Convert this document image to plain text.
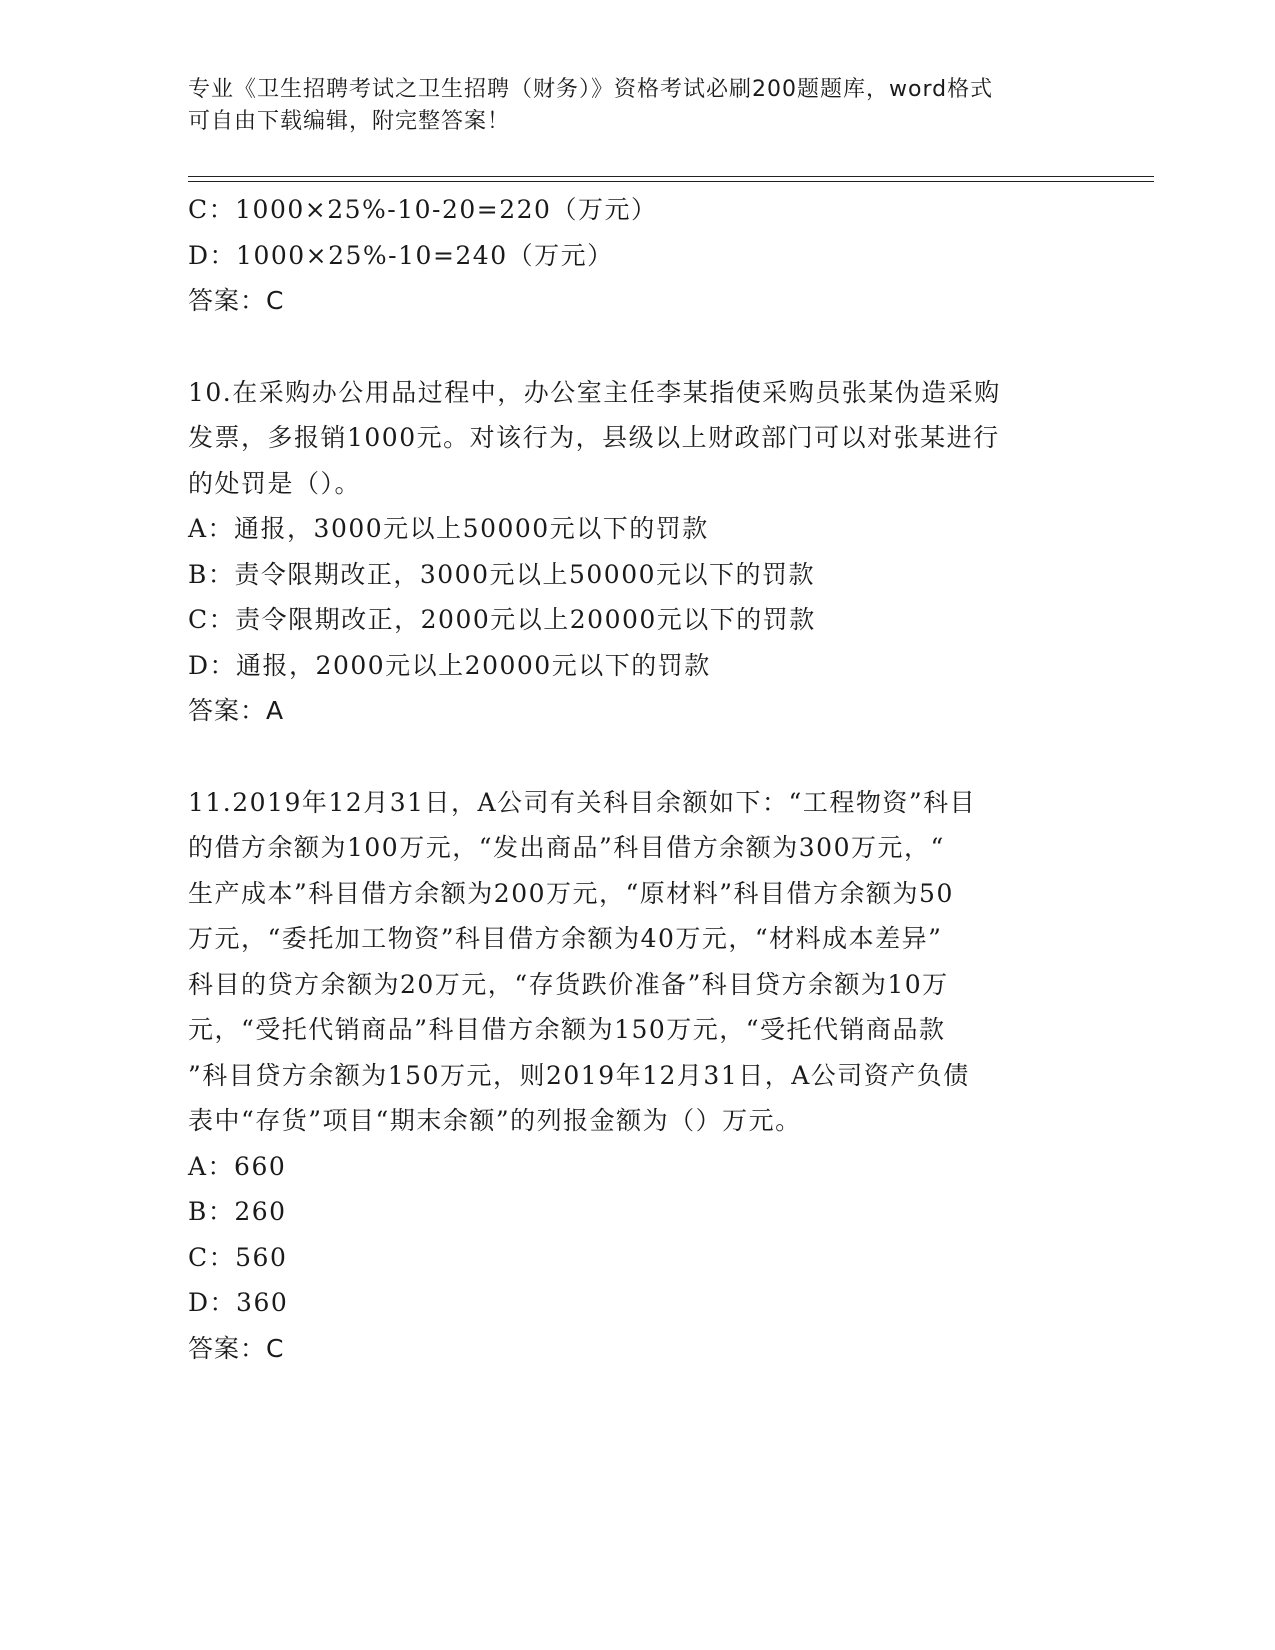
专业《卫生招聘考试之卫生招聘（财务）》资格考试必刷200题题库，word格式
可自由下载编辑，附完整答案！
C：1000×25%-10-20=220（万元）
D：1000×25%-10=240（万元）
答案：C
10.在采购办公用品过程中，办公室主任李某指使采购员张某伪造采购
发票，多报销1000元。对该行为，县级以上财政部门可以对张某进行
的处罚是（）。
A：通报，3000元以上50000元以下的罚款
B：责令限期改正，3000元以上50000元以下的罚款
C：责令限期改正，2000元以上20000元以下的罚款
D：通报，2000元以上20000元以下的罚款
答案：A
11.2019年12月31日，A公司有关科目余额如下：“工程物资”科目
的借方余额为100万元，“发出商品”科目借方余额为300万元，“
生产成本”科目借方余额为200万元，“原材料”科目借方余额为50
万元，“委托加工物资”科目借方余额为40万元，“材料成本差异”
科目的贷方余额为20万元，“存货跌价准备”科目贷方余额为10万
元，“受托代销商品”科目借方余额为150万元，“受托代销商品款
”科目贷方余额为150万元，则2019年12月31日，A公司资产负债
表中“存货”项目“期末余额”的列报金额为（）万元。
A：660
B：260
C：560
D：360
答案：C
